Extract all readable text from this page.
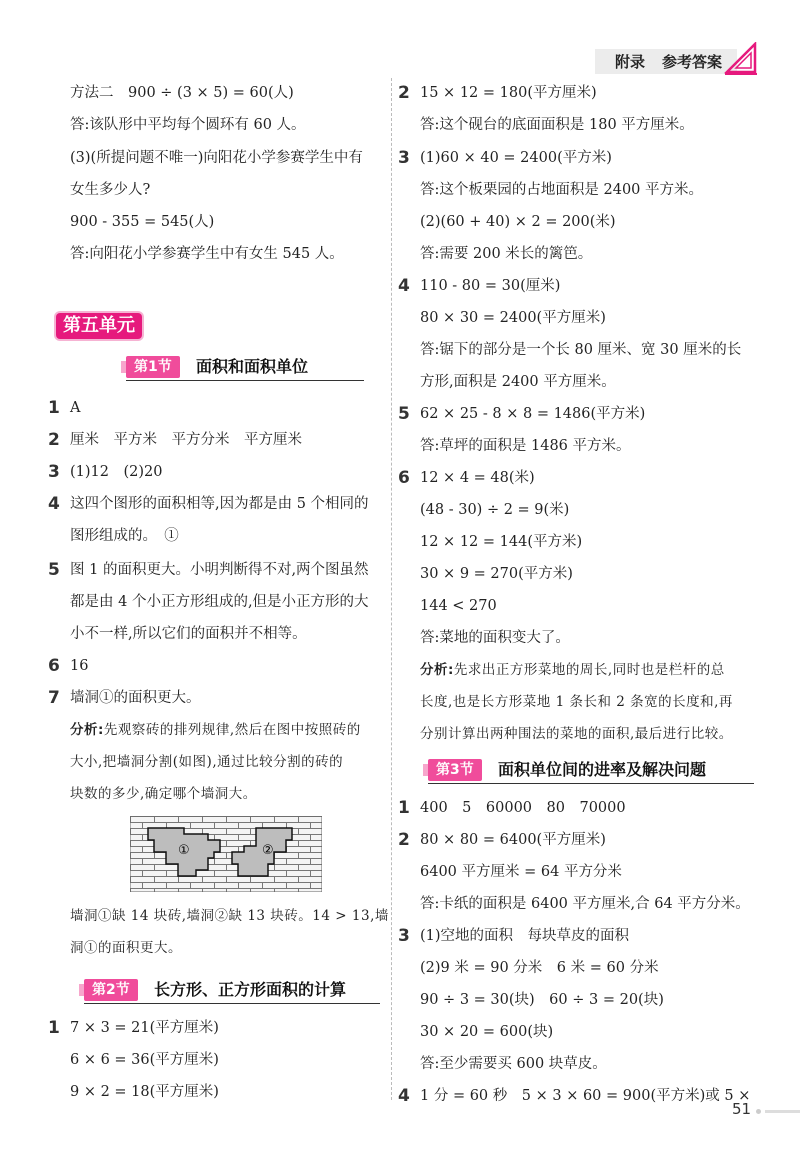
附录 参考答案
方法二　900 ÷ (3 × 5) = 60(人)
答:该队形中平均每个圆环有 60 人。
(3)(所提问题不唯一)向阳花小学参赛学生中有
女生多少人?
900 - 355 = 545(人)
答:向阳花小学参赛学生中有女生 545 人。
第五单元
第1节	面积和面积单位
1 A
2 厘米　平方米　平方分米　平方厘米
3 (1)12　(2)20
4 这四个图形的面积相等,因为都是由 5 个相同的
图形组成的。　①
5 图 1 的面积更大。小明判断得不对,两个图虽然
都是由 4 个小正方形组成的,但是小正方形的大
小不一样,所以它们的面积并不相等。
6 16
7 墙洞①的面积更大。
分析:先观察砖的排列规律,然后在图中按照砖的
大小,把墙洞分割(如图),通过比较分割的砖的
块数的多少,确定哪个墙洞大。
①	②
墙洞①缺 14 块砖,墙洞②缺 13 块砖。14 > 13,墙
洞①的面积更大。
第2节	长方形、正方形面积的计算
1 7 × 3 = 21(平方厘米)
6 × 6 = 36(平方厘米)
9 × 2 = 18(平方厘米)
2 15 × 12 = 180(平方厘米)
答:这个砚台的底面面积是 180 平方厘米。
3 (1)60 × 40 = 2400(平方米)
答:这个板栗园的占地面积是 2400 平方米。
(2)(60 + 40) × 2 = 200(米)
答:需要 200 米长的篱笆。
4 110 - 80 = 30(厘米)
80 × 30 = 2400(平方厘米)
答:锯下的部分是一个长 80 厘米、宽 30 厘米的长
方形,面积是 2400 平方厘米。
5 62 × 25 - 8 × 8 = 1486(平方米)
答:草坪的面积是 1486 平方米。
6 12 × 4 = 48(米)
(48 - 30) ÷ 2 = 9(米)
12 × 12 = 144(平方米)
30 × 9 = 270(平方米)
144 < 270
答:菜地的面积变大了。
分析:先求出正方形菜地的周长,同时也是栏杆的总
长度,也是长方形菜地 1 条长和 2 条宽的长度和,再
分别计算出两种围法的菜地的面积,最后进行比较。
第3节	面积单位间的进率及解决问题
1 400　5　60000　80　70000
2 80 × 80 = 6400(平方厘米)
6400 平方厘米 = 64 平方分米
答:卡纸的面积是 6400 平方厘米,合 64 平方分米。
3 (1)空地的面积　每块草皮的面积
(2)9 米 = 90 分米　6 米 = 60 分米
90 ÷ 3 = 30(块)　60 ÷ 3 = 20(块)
30 × 20 = 600(块)
答:至少需要买 600 块草皮。
4 1 分 = 60 秒　5 × 3 × 60 = 900(平方米)或 5 ×
51
